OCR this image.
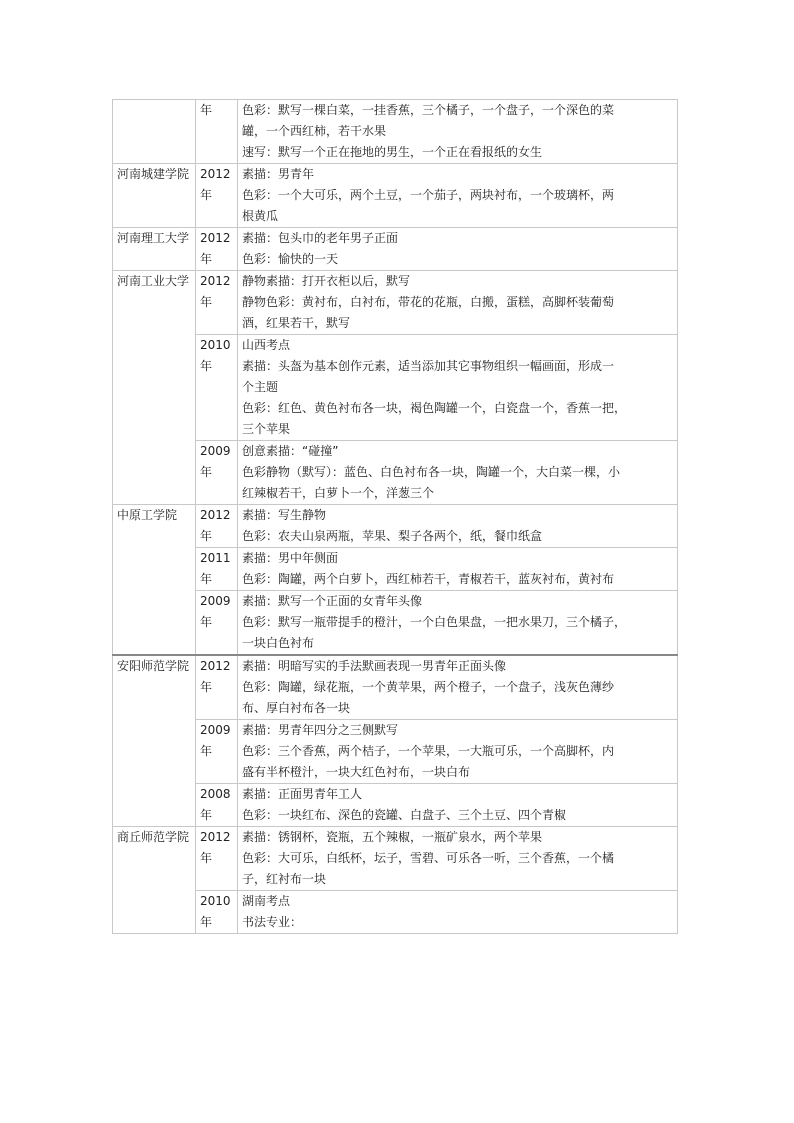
	年	色彩：默写一棵白菜，一挂香蕉，三个橘子，一个盘子，一个深色的菜
罐，一个西红柿，若干水果
速写：默写一个正在拖地的男生，一个正在看报纸的女生

河南城建学院	2012年	素描：男青年
色彩：一个大可乐，两个土豆，一个茄子，两块衬布，一个玻璃杯，两
根黄瓜

河南理工大学	2012年	素描：包头巾的老年男子正面
色彩：愉快的一天

河南工业大学	2012年	静物素描：打开衣柜以后，默写
静物色彩：黄衬布，白衬布，带花的花瓶，白搬，蛋糕，高脚杯装葡萄
酒，红果若干，默写

	2010年	山西考点
素描：头盔为基本创作元素，适当添加其它事物组织一幅画面，形成一
个主题
色彩：红色、黄色衬布各一块，褐色陶罐一个，白瓷盘一个，香蕉一把，
三个苹果

	2009年	创意素描：“碰撞”
色彩静物（默写）：蓝色、白色衬布各一块，陶罐一个，大白菜一棵，小
红辣椒若干，白萝卜一个，洋葱三个

中原工学院	2012年	素描：写生静物
色彩：农夫山泉两瓶，苹果、梨子各两个，纸，餐巾纸盒

	2011年	素描：男中年侧面
色彩：陶罐，两个白萝卜，西红柿若干，青椒若干，蓝灰衬布，黄衬布

	2009年	素描：默写一个正面的女青年头像
色彩：默写一瓶带提手的橙汁，一个白色果盘，一把水果刀，三个橘子，
一块白色衬布

安阳师范学院	2012年	素描：明暗写实的手法默画表现一男青年正面头像
色彩：陶罐，绿花瓶，一个黄苹果，两个橙子，一个盘子，浅灰色薄纱
布、厚白衬布各一块

	2009年	素描：男青年四分之三侧默写
色彩：三个香蕉，两个桔子，一个苹果，一大瓶可乐，一个高脚杯，内
盛有半杯橙汁，一块大红色衬布，一块白布

	2008年	素描：正面男青年工人
色彩：一块红布、深色的瓷罐、白盘子、三个土豆、四个青椒

商丘师范学院	2012年	素描：锈钢杯，瓷瓶，五个辣椒，一瓶矿泉水，两个苹果
色彩：大可乐，白纸杯，坛子，雪碧、可乐各一听，三个香蕉，一个橘
子，红衬布一块

	2010年	湖南考点
书法专业：
